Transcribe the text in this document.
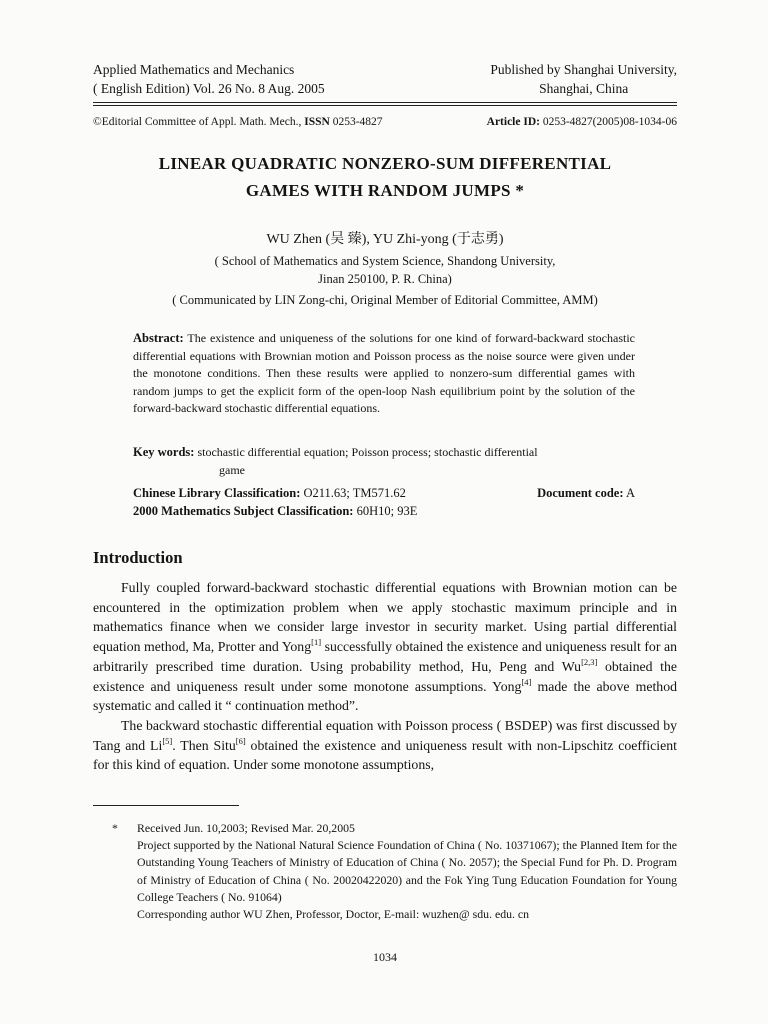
Applied Mathematics and Mechanics
( English Edition) Vol. 26 No. 8 Aug. 2005
Published by Shanghai University,
Shanghai, China
©Editorial Committee of Appl. Math. Mech., ISSN 0253-4827	Article ID: 0253-4827(2005)08-1034-06
LINEAR QUADRATIC NONZERO-SUM DIFFERENTIAL
GAMES WITH RANDOM JUMPS *
WU Zhen (吴 臻), YU Zhi-yong (于志勇)
( School of Mathematics and System Science, Shandong University,
Jinan 250100, P. R. China)
( Communicated by LIN Zong-chi, Original Member of Editorial Committee, AMM)
Abstract: The existence and uniqueness of the solutions for one kind of forward-backward stochastic differential equations with Brownian motion and Poisson process as the noise source were given under the monotone conditions. Then these results were applied to nonzero-sum differential games with random jumps to get the explicit form of the open-loop Nash equilibrium point by the solution of the forward-backward stochastic differential equations.
Key words: stochastic differential equation; Poisson process; stochastic differential
game
Chinese Library Classification: O211.63; TM571.62	Document code: A
2000 Mathematics Subject Classification: 60H10; 93E
Introduction

Fully coupled forward-backward stochastic differential equations with Brownian motion can be encountered in the optimization problem when we apply stochastic maximum principle and in mathematics finance when we consider large investor in security market. Using partial differential equation method, Ma, Protter and Yong[1] successfully obtained the existence and uniqueness result for an arbitrarily prescribed time duration. Using probability method, Hu, Peng and Wu[2,3] obtained the existence and uniqueness result under some monotone assumptions. Yong[4] made the above method systematic and called it “ continuation method”.

The backward stochastic differential equation with Poisson process ( BSDEP) was first discussed by Tang and Li[5]. Then Situ[6] obtained the existence and uniqueness result with non-Lipschitz coefficient for this kind of equation. Under some monotone assumptions,

* Received Jun. 10,2003; Revised Mar. 20,2005
Project supported by the National Natural Science Foundation of China ( No. 10371067); the Planned Item for the Outstanding Young Teachers of Ministry of Education of China ( No. 2057); the Special Fund for Ph. D. Program of Ministry of Education of China ( No. 20020422020) and the Fok Ying Tung Education Foundation for Young College Teachers ( No. 91064)
Corresponding author WU Zhen, Professor, Doctor, E-mail: wuzhen@ sdu. edu. cn
1034
